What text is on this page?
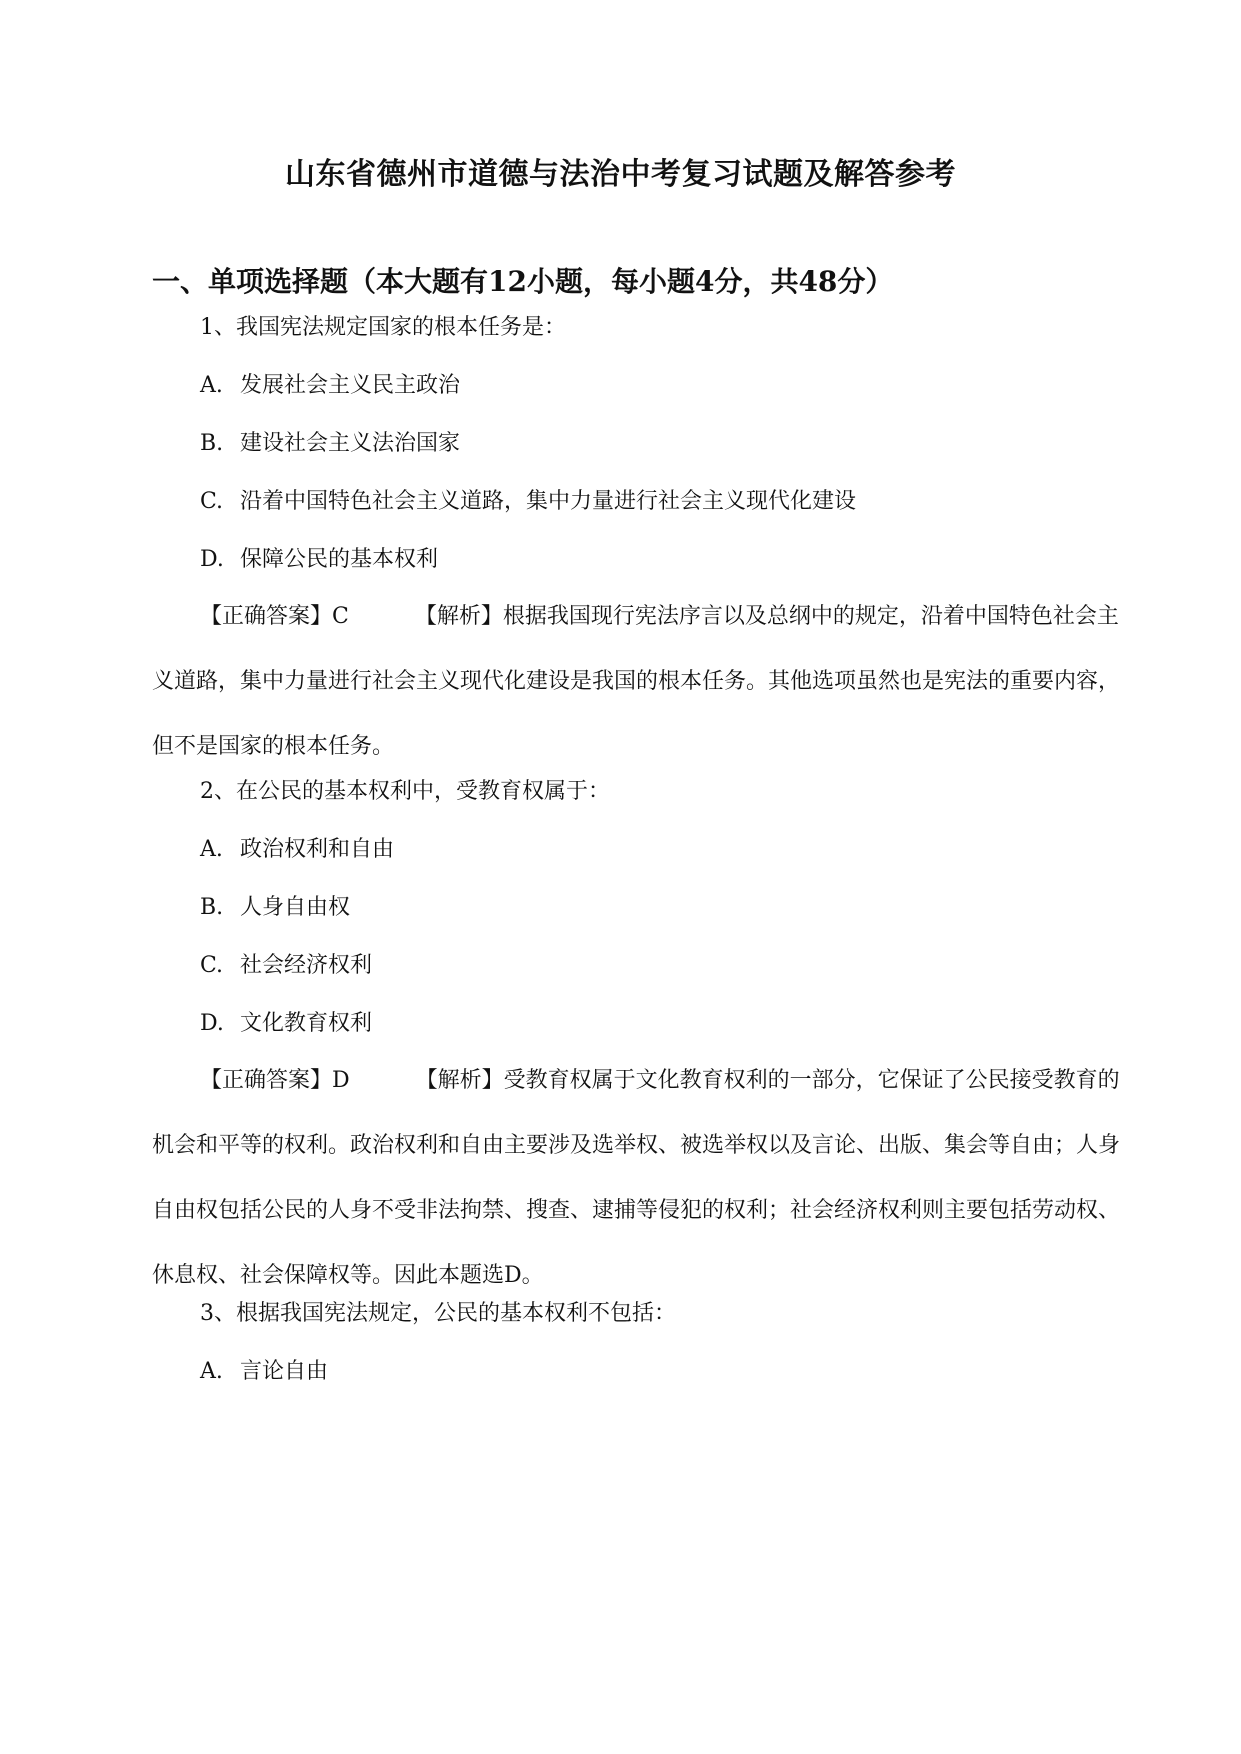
山东省德州市道德与法治中考复习试题及解答参考
一、单项选择题（本大题有12小题，每小题4分，共48分）
1、我国宪法规定国家的根本任务是：
A. 发展社会主义民主政治
B. 建设社会主义法治国家
C. 沿着中国特色社会主义道路，集中力量进行社会主义现代化建设
D. 保障公民的基本权利
【正确答案】C	【解析】根据我国现行宪法序言以及总纲中的规定，沿着中国特色社会主义道路，集中力量进行社会主义现代化建设是我国的根本任务。其他选项虽然也是宪法的重要内容，但不是国家的根本任务。
2、在公民的基本权利中，受教育权属于：
A. 政治权利和自由
B. 人身自由权
C. 社会经济权利
D. 文化教育权利
【正确答案】D	【解析】受教育权属于文化教育权利的一部分，它保证了公民接受教育的机会和平等的权利。政治权利和自由主要涉及选举权、被选举权以及言论、出版、集会等自由；人身自由权包括公民的人身不受非法拘禁、搜查、逮捕等侵犯的权利；社会经济权利则主要包括劳动权、休息权、社会保障权等。因此本题选D。
3、根据我国宪法规定，公民的基本权利不包括：
A. 言论自由
